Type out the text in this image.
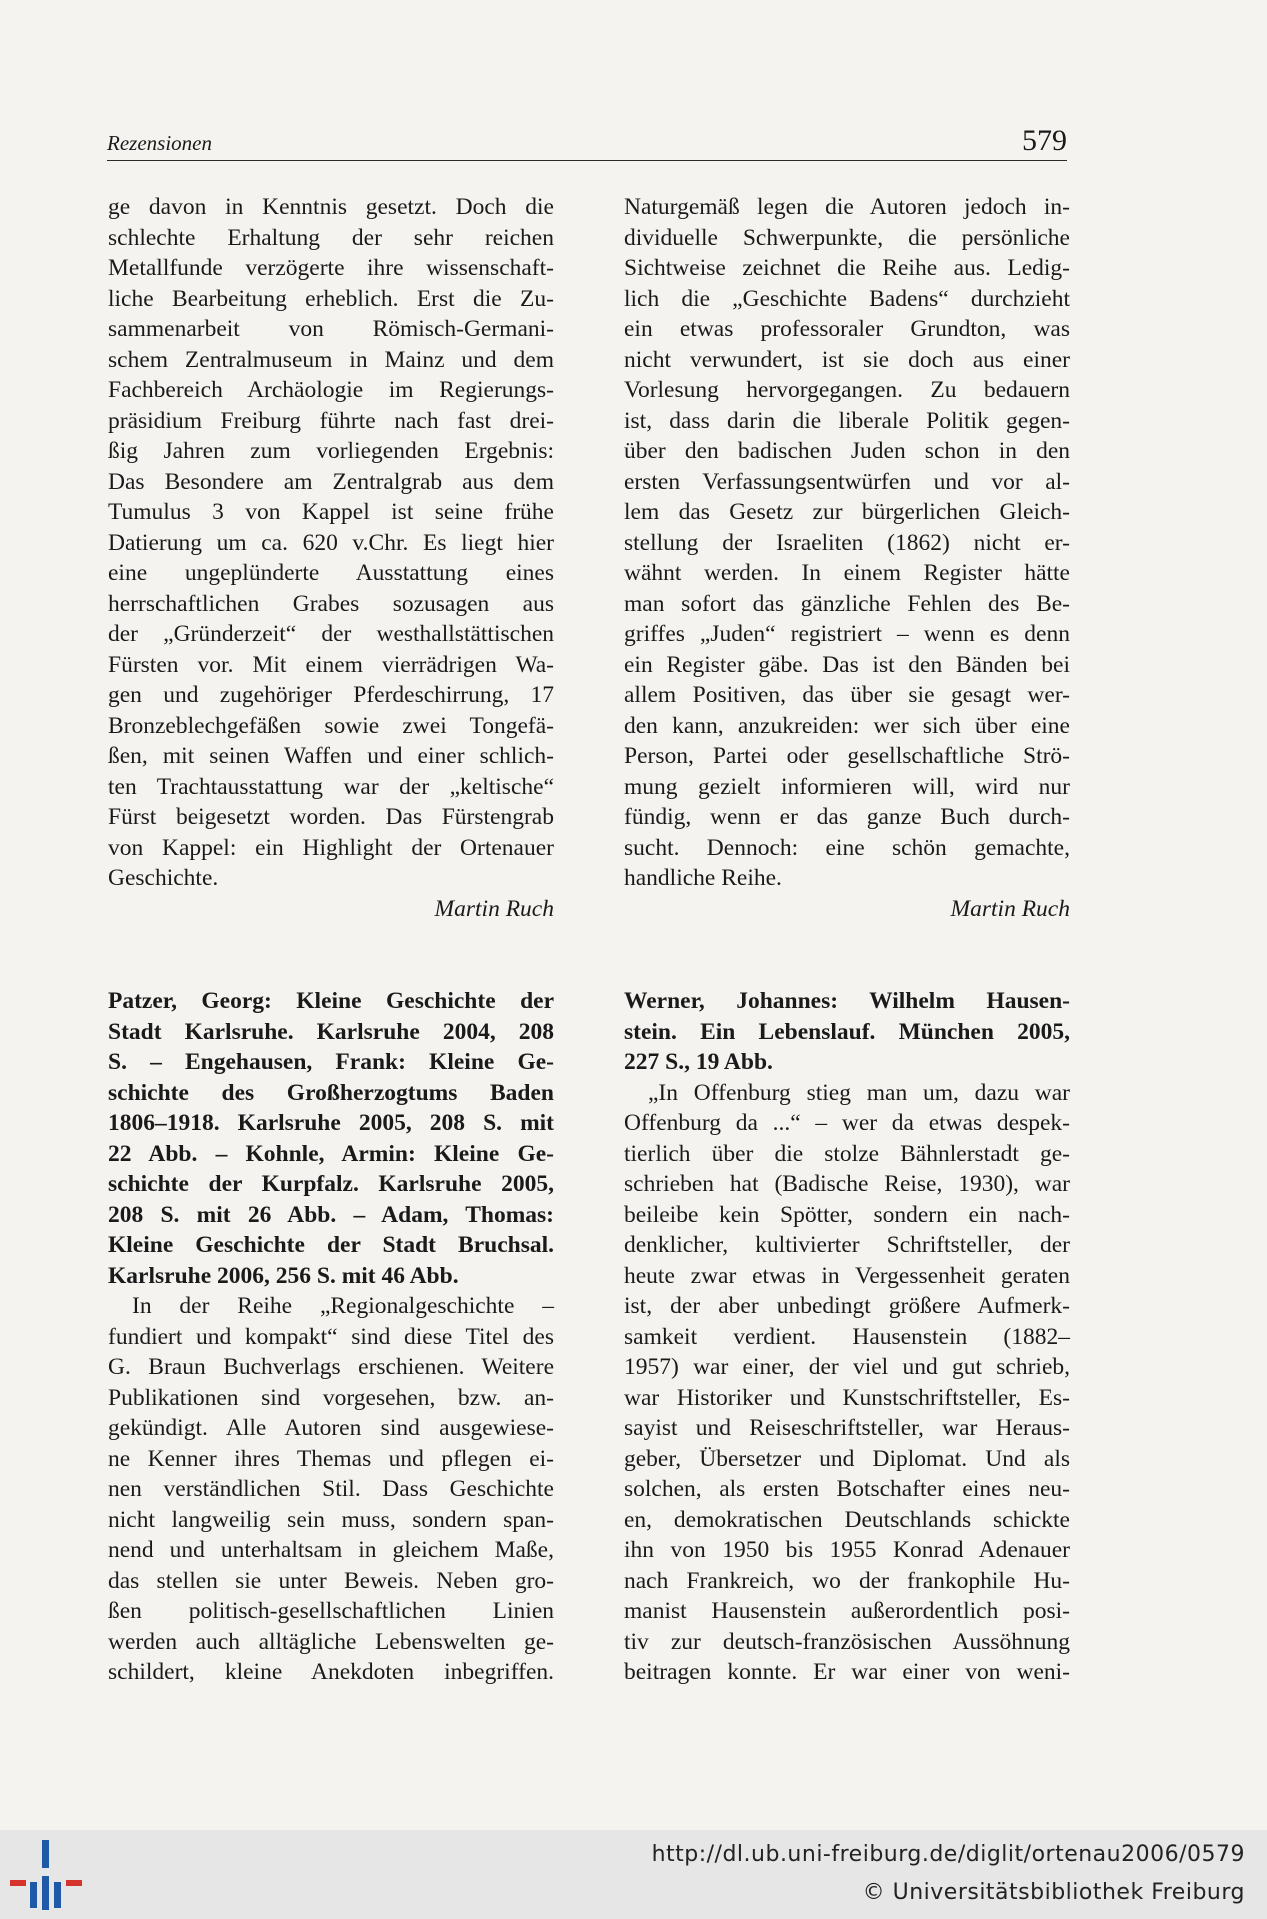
Rezensionen	579

ge davon in Kenntnis gesetzt. Doch die

schlechte Erhaltung der sehr reichen

Metallfunde verzögerte ihre wissenschaft-

liche Bearbeitung erheblich. Erst die Zu-

sammenarbeit von Römisch-Germani-

schem Zentralmuseum in Mainz und dem

Fachbereich Archäologie im Regierungs-

präsidium Freiburg führte nach fast drei-

ßig Jahren zum vorliegenden Ergebnis:

Das Besondere am Zentralgrab aus dem

Tumulus 3 von Kappel ist seine frühe

Datierung um ca. 620 v.Chr. Es liegt hier

eine ungeplünderte Ausstattung eines

herrschaftlichen Grabes sozusagen aus

der „Gründerzeit“ der westhallstättischen

Fürsten vor. Mit einem vierrädrigen Wa-

gen und zugehöriger Pferdeschirrung, 17

Bronzeblechgefäßen sowie zwei Tongefä-

ßen, mit seinen Waffen und einer schlich-

ten Trachtausstattung war der „keltische“

Fürst beigesetzt worden. Das Fürstengrab

von Kappel: ein Highlight der Ortenauer

Geschichte.

Martin Ruch

Naturgemäß legen die Autoren jedoch in-

dividuelle Schwerpunkte, die persönliche

Sichtweise zeichnet die Reihe aus. Ledig-

lich die „Geschichte Badens“ durchzieht

ein etwas professoraler Grundton, was

nicht verwundert, ist sie doch aus einer

Vorlesung hervorgegangen. Zu bedauern

ist, dass darin die liberale Politik gegen-

über den badischen Juden schon in den

ersten Verfassungsentwürfen und vor al-

lem das Gesetz zur bürgerlichen Gleich-

stellung der Israeliten (1862) nicht er-

wähnt werden. In einem Register hätte

man sofort das gänzliche Fehlen des Be-

griffes „Juden“ registriert – wenn es denn

ein Register gäbe. Das ist den Bänden bei

allem Positiven, das über sie gesagt wer-

den kann, anzukreiden: wer sich über eine

Person, Partei oder gesellschaftliche Strö-

mung gezielt informieren will, wird nur

fündig, wenn er das ganze Buch durch-

sucht. Dennoch: eine schön gemachte,

handliche Reihe.

Martin Ruch

Patzer, Georg: Kleine Geschichte der

Stadt Karlsruhe. Karlsruhe 2004, 208

S. – Engehausen, Frank: Kleine Ge-

schichte des Großherzogtums Baden

1806–1918. Karlsruhe 2005, 208 S. mit

22 Abb. – Kohnle, Armin: Kleine Ge-

schichte der Kurpfalz. Karlsruhe 2005,

208 S. mit 26 Abb. – Adam, Thomas:

Kleine Geschichte der Stadt Bruchsal.

Karlsruhe 2006, 256 S. mit 46 Abb.

In der Reihe „Regionalgeschichte –

fundiert und kompakt“ sind diese Titel des

G. Braun Buchverlags erschienen. Weitere

Publikationen sind vorgesehen, bzw. an-

gekündigt. Alle Autoren sind ausgewiese-

ne Kenner ihres Themas und pflegen ei-

nen verständlichen Stil. Dass Geschichte

nicht langweilig sein muss, sondern span-

nend und unterhaltsam in gleichem Maße,

das stellen sie unter Beweis. Neben gro-

ßen politisch-gesellschaftlichen Linien

werden auch alltägliche Lebenswelten ge-

schildert, kleine Anekdoten inbegriffen.

Werner, Johannes: Wilhelm Hausen-

stein. Ein Lebenslauf. München 2005,

227 S., 19 Abb.

„In Offenburg stieg man um, dazu war

Offenburg da ...“ – wer da etwas despek-

tierlich über die stolze Bähnlerstadt ge-

schrieben hat (Badische Reise, 1930), war

beileibe kein Spötter, sondern ein nach-

denklicher, kultivierter Schriftsteller, der

heute zwar etwas in Vergessenheit geraten

ist, der aber unbedingt größere Aufmerk-

samkeit verdient. Hausenstein (1882–

1957) war einer, der viel und gut schrieb,

war Historiker und Kunstschriftsteller, Es-

sayist und Reiseschriftsteller, war Heraus-

geber, Übersetzer und Diplomat. Und als

solchen, als ersten Botschafter eines neu-

en, demokratischen Deutschlands schickte

ihn von 1950 bis 1955 Konrad Adenauer

nach Frankreich, wo der frankophile Hu-

manist Hausenstein außerordentlich posi-

tiv zur deutsch-französischen Aussöhnung

beitragen konnte. Er war einer von weni-

http://dl.ub.uni-freiburg.de/diglit/ortenau2006/0579
© Universitätsbibliothek Freiburg
